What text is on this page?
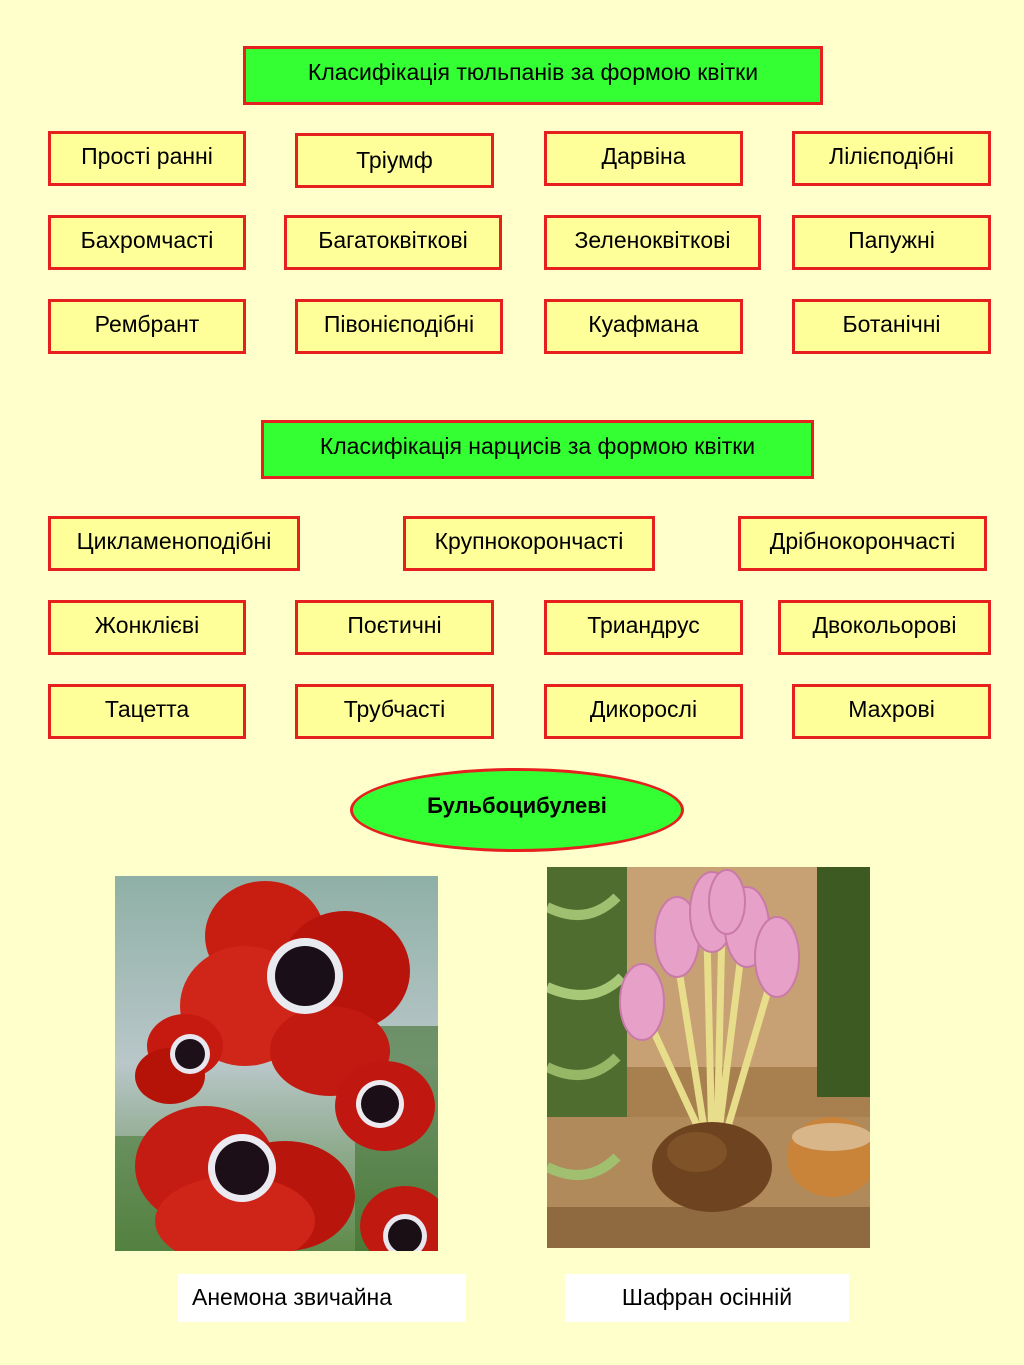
Класифікація тюльпанів за формою квітки
Прості ранні	Тріумф	Дарвіна	Лілієподібні
Бахромчасті	Багатоквіткові	Зеленоквіткові	Папужні
Рембрант	Півонієподібні	Куафмана	Ботанічні
Класифікація нарцисів за формою квітки
Цикламеноподібні	Крупнокорончасті	Дрібнокорончасті
Жонклієві	Поєтичні	Триандрус	Двокольорові
Тацетта	Трубчасті	Дикорослі	Махрові
Бульбоцибулеві
Анемона звичайна	Шафран осінній
